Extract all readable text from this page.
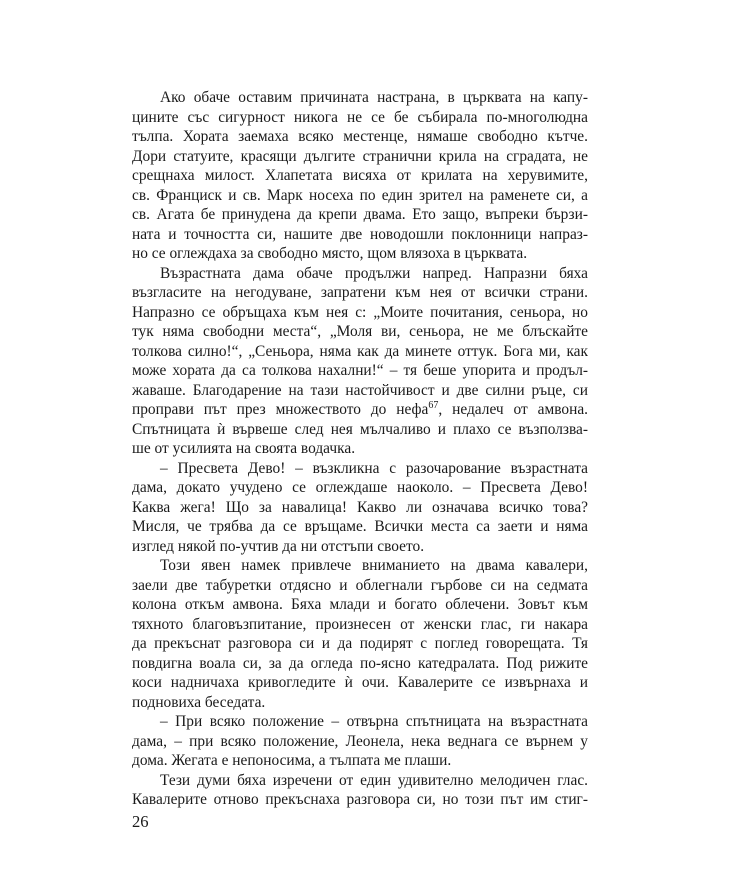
Ако обаче оставим причината настрана, в църквата на капу-
цините със сигурност никога не се бе събирала по-многолюдна
тълпа. Хората заемаха всяко местенце, нямаше свободно кътче.
Дори статуите, красящи дългите странични крила на сградата, не
срещнаха милост. Хлапетата висяха от крилата на херувимите,
св. Франциск и св. Марк носеха по един зрител на раменете си, а
св. Агата бе принудена да крепи двама. Ето защо, въпреки бързи-
ната и точността си, нашите две новодошли поклонници напраз-
но се оглеждаха за свободно място, щом влязоха в църквата.
Възрастната дама обаче продължи напред. Напразни бяха
възгласите на негодуване, запратени към нея от всички страни.
Напразно се обръщаха към нея с: „Моите почитания, сеньора, но
тук няма свободни места“, „Моля ви, сеньора, не ме блъскайте
толкова силно!“, „Сеньора, няма как да минете оттук. Бога ми, как
може хората да са толкова нахални!“ – тя беше упорита и продъл-
жаваше. Благодарение на тази настойчивост и две силни ръце, си
проправи път през множеството до нефа$^{67}$, недалеч от амвона.
Спътницата ѝ вървеше след нея мълчаливо и плахо се възползва-
ше от усилията на своята водачка.
– Пресвета Дево! – възкликна с разочарование възрастната
дама, докато учудено се оглеждаше наоколо. – Пресвета Дево!
Каква жега! Що за навалица! Какво ли означава всичко това?
Мисля, че трябва да се връщаме. Всички места са заети и няма
изглед някой по-учтив да ни отстъпи своето.
Този явен намек привлече вниманието на двама кавалери,
заели две табуретки отдясно и облегнали гърбове си на седмата
колона откъм амвона. Бяха млади и богато облечени. Зовът към
тяхното благовъзпитание, произнесен от женски глас, ги накара
да прекъснат разговора си и да подирят с поглед говорещата. Тя
повдигна воала си, за да огледа по-ясно катедралата. Под рижите
коси надничаха кривогледите ѝ очи. Кавалерите се извърнаха и
подновиха беседата.
– При всяко положение – отвърна спътницата на възрастната
дама, – при всяко положение, Леонела, нека веднага се върнем у
дома. Жегата е непоносима, а тълпата ме плаши.
Тези думи бяха изречени от един удивително мелодичен глас.
Кавалерите отново прекъснаха разговора си, но този път им стиг-
26
